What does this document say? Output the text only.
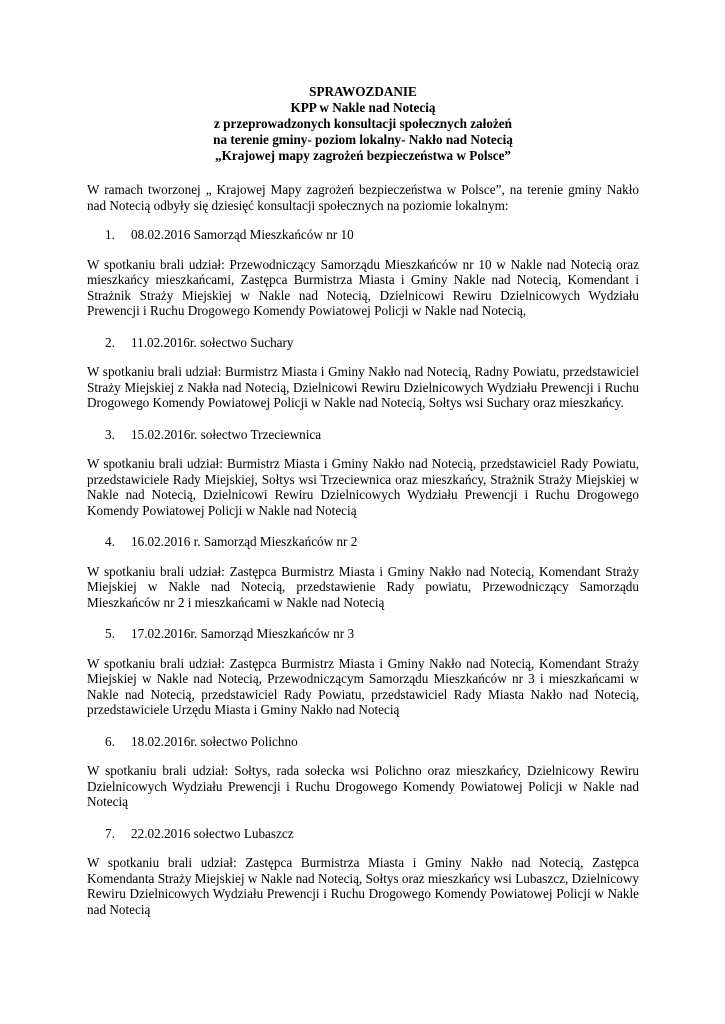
SPRAWOZDANIE
KPP w Nakle nad Notecią
z przeprowadzonych konsultacji społecznych założeń
na terenie gminy- poziom lokalny- Nakło nad Notecią
„Krajowej mapy zagrożeń bezpieczeństwa w Polsce”

W ramach tworzonej „ Krajowej Mapy zagrożeń bezpieczeństwa w Polsce”, na terenie gminy Nakło nad Notecią odbyły się dziesięć konsultacji społecznych na poziomie lokalnym:

1.	08.02.2016 Samorząd Mieszkańców nr 10

W spotkaniu brali udział: Przewodniczący Samorządu Mieszkańców nr 10 w Nakle nad Notecią oraz mieszkańcy mieszkańcami, Zastępca Burmistrza Miasta i Gminy Nakle nad Notecią, Komendant i Strażnik Straży Miejskiej w Nakle nad Notecią, Dzielnicowi Rewiru Dzielnicowych Wydziału Prewencji i Ruchu Drogowego Komendy Powiatowej Policji w Nakle nad Notecią,

2.	11.02.2016r. sołectwo Suchary

W spotkaniu brali udział: Burmistrz Miasta i Gminy Nakło nad Notecią, Radny Powiatu, przedstawiciel Straży Miejskiej z Nakła nad Notecią, Dzielnicowi Rewiru Dzielnicowych Wydziału Prewencji i Ruchu Drogowego Komendy Powiatowej Policji w Nakle nad Notecią, Sołtys wsi Suchary oraz mieszkańcy.

3.	15.02.2016r. sołectwo Trzeciewnica

W spotkaniu brali udział: Burmistrz Miasta i Gminy Nakło nad Notecią, przedstawiciel Rady Powiatu, przedstawiciele Rady Miejskiej, Sołtys wsi Trzeciewnica oraz mieszkańcy, Strażnik Straży Miejskiej w Nakle nad Notecią, Dzielnicowi Rewiru Dzielnicowych Wydziału Prewencji i Ruchu Drogowego Komendy Powiatowej Policji w Nakle nad Notecią

4.	16.02.2016 r. Samorząd Mieszkańców nr 2

W spotkaniu brali udział: Zastępca Burmistrz Miasta i Gminy Nakło nad Notecią, Komendant Straży Miejskiej w Nakle nad Notecią, przedstawienie Rady powiatu, Przewodniczący Samorządu Mieszkańców nr 2 i mieszkańcami w Nakle nad Notecią

5.	17.02.2016r. Samorząd Mieszkańców nr 3

W spotkaniu brali udział: Zastępca Burmistrz Miasta i Gminy Nakło nad Notecią, Komendant Straży Miejskiej w Nakle nad Notecią, Przewodniczącym Samorządu Mieszkańców nr 3 i mieszkańcami w Nakle nad Notecią, przedstawiciel Rady Powiatu, przedstawiciel Rady Miasta Nakło nad Notecią, przedstawiciele Urzędu Miasta i Gminy Nakło nad Notecią

6.	18.02.2016r. sołectwo Polichno

W spotkaniu brali udział: Sołtys, rada sołecka wsi Polichno oraz mieszkańcy, Dzielnicowy Rewiru Dzielnicowych Wydziału Prewencji i Ruchu Drogowego Komendy Powiatowej Policji w Nakle nad Notecią

7.	22.02.2016 sołectwo Lubaszcz

W spotkaniu brali udział: Zastępca Burmistrza Miasta i Gminy Nakło nad Notecią, Zastępca Komendanta Straży Miejskiej w Nakle nad Notecią, Sołtys oraz mieszkańcy wsi Lubaszcz, Dzielnicowy Rewiru Dzielnicowych Wydziału Prewencji i Ruchu Drogowego Komendy Powiatowej Policji w Nakle nad Notecią
